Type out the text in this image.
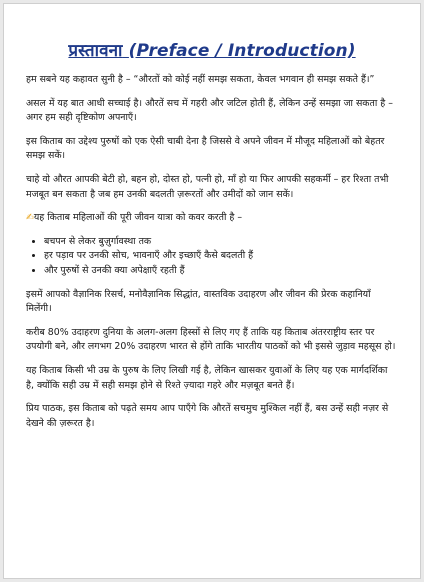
प्रस्तावना (Preface / Introduction)

हम सबने यह कहावत सुनी है – “औरतों को कोई नहीं समझ सकता, केवल भगवान ही समझ सकते हैं।”

असल में यह बात आधी सच्चाई है। औरतें सच में गहरी और जटिल होती हैं, लेकिन उन्हें समझा जा सकता है – अगर हम सही दृष्टिकोण अपनाएँ।

इस किताब का उद्देश्य पुरुषों को एक ऐसी चाबी देना है जिससे वे अपने जीवन में मौजूद महिलाओं को बेहतर समझ सकें।

चाहे वो औरत आपकी बेटी हो, बहन हो, दोस्त हो, पत्नी हो, माँ हो या फिर आपकी सहकर्मी – हर रिश्ता तभी मजबूत बन सकता है जब हम उनकी बदलती ज़रूरतों और उमीदों को जान सकें।

✍यह किताब महिलाओं की पूरी जीवन यात्रा को कवर करती है –

• बचपन से लेकर बुज़ुर्गावस्था तक
• हर पड़ाव पर उनकी सोच, भावनाएँ और इच्छाएँ कैसे बदलती हैं
• और पुरुषों से उनकी क्या अपेक्षाएँ रहती हैं

इसमें आपको वैज्ञानिक रिसर्च, मनोवैज्ञानिक सिद्धांत, वास्तविक उदाहरण और जीवन की प्रेरक कहानियाँ मिलेंगी।

करीब 80% उदाहरण दुनिया के अलग-अलग हिस्सों से लिए गए हैं ताकि यह किताब अंतरराष्ट्रीय स्तर पर उपयोगी बने, और लगभग 20% उदाहरण भारत से होंगे ताकि भारतीय पाठकों को भी इससे जुड़ाव महसूस हो।

यह किताब किसी भी उम्र के पुरुष के लिए लिखी गई है, लेकिन खासकर युवाओं के लिए यह एक मार्गदर्शिका है, क्योंकि सही उम्र में सही समझ होने से रिश्ते ज़्यादा गहरे और मज़बूत बनते हैं।

प्रिय पाठक, इस किताब को पढ़ते समय आप पाएँगे कि औरतें सचमुच मुश्किल नहीं हैं, बस उन्हें सही नज़र से देखने की ज़रूरत है।
